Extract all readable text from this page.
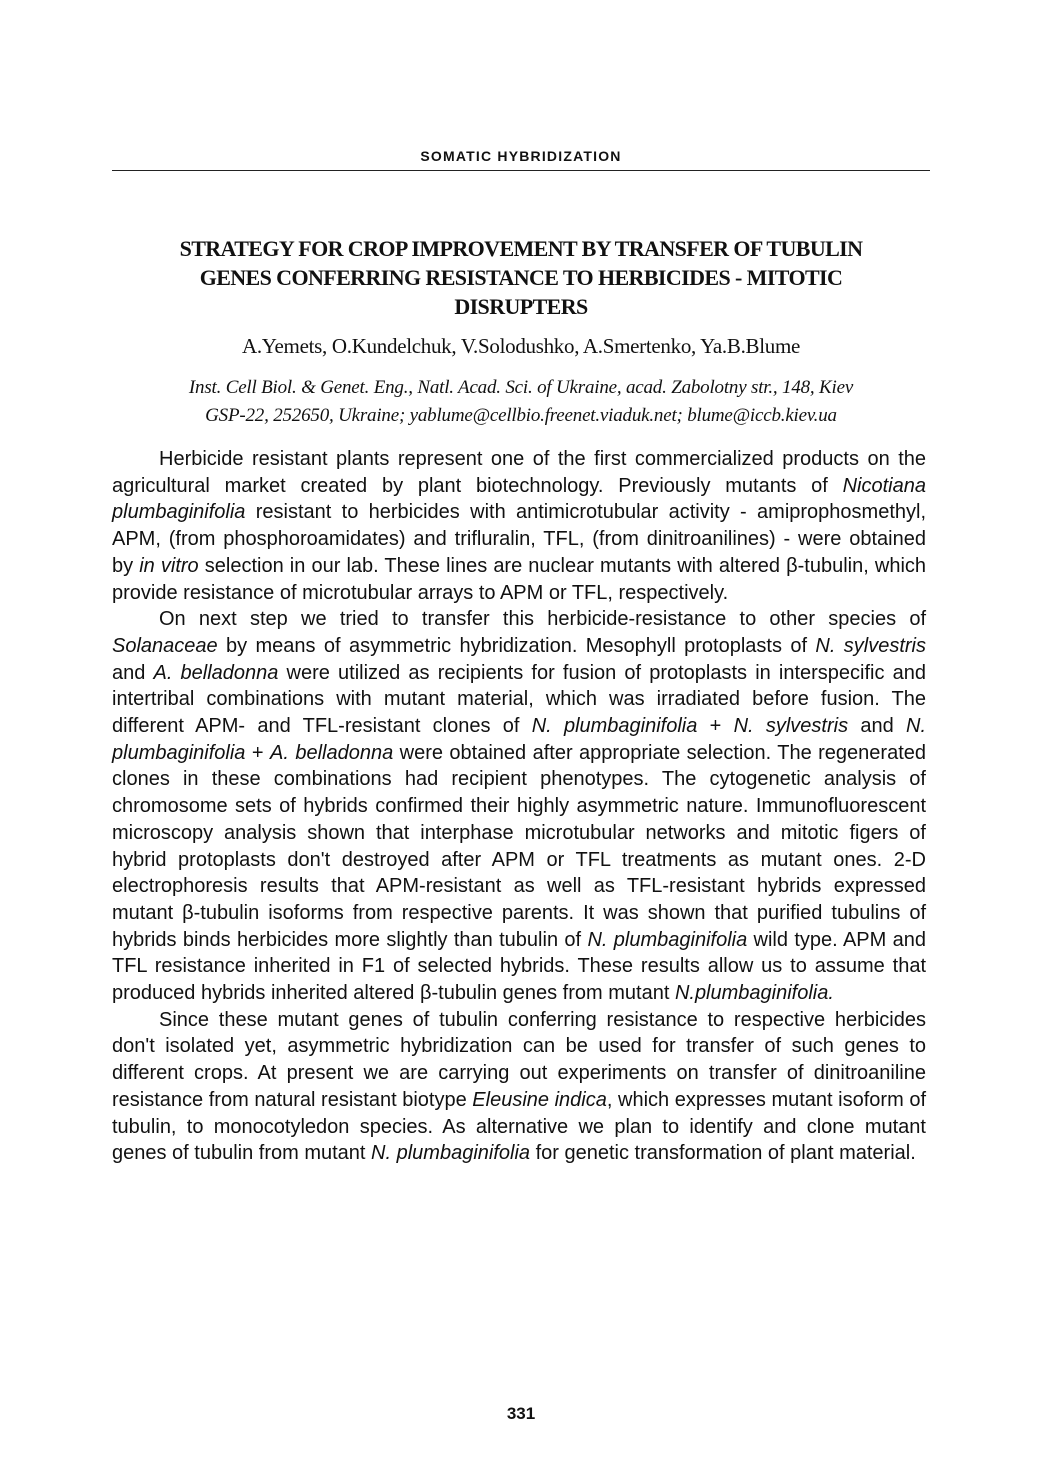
SOMATIC HYBRIDIZATION
STRATEGY FOR CROP IMPROVEMENT BY TRANSFER OF TUBULIN
GENES CONFERRING RESISTANCE TO HERBICIDES - MITOTIC
DISRUPTERS
A.Yemets, O.Kundelchuk, V.Solodushko, A.Smertenko, Ya.B.Blume
Inst. Cell Biol. & Genet. Eng., Natl. Acad. Sci. of Ukraine, acad. Zabolotny str., 148, Kiev
GSP-22, 252650, Ukraine; yablume@cellbio.freenet.viaduk.net; blume@iccb.kiev.ua

Herbicide resistant plants represent one of the first commercialized products on the agricultural market created by plant biotechnology. Previously mutants of Nicotiana plumbaginifolia resistant to herbicides with antimicrotubular activity - amiprophosmethyl, APM, (from phosphoroamidates) and trifluralin, TFL, (from dinitroanilines) - were obtained by in vitro selection in our lab. These lines are nuclear mutants with altered β-tubulin, which provide resistance of microtubular arrays to APM or TFL, respectively.

On next step we tried to transfer this herbicide-resistance to other species of Solanaceae by means of asymmetric hybridization. Mesophyll protoplasts of N. sylvestris and A. belladonna were utilized as recipients for fusion of protoplasts in interspecific and intertribal combinations with mutant material, which was irradiated before fusion. The different APM- and TFL-resistant clones of N. plumbaginifolia + N. sylvestris and N. plumbaginifolia + A. belladonna were obtained after appropriate selection. The regenerated clones in these combinations had recipient phenotypes. The cytogenetic analysis of chromosome sets of hybrids confirmed their highly asymmetric nature. Immunofluorescent microscopy analysis shown that interphase microtubular networks and mitotic figers of hybrid protoplasts don't destroyed after APM or TFL treatments as mutant ones. 2-D electrophoresis results that APM-resistant as well as TFL-resistant hybrids expressed mutant β-tubulin isoforms from respective parents. It was shown that purified tubulins of hybrids binds herbicides more slightly than tubulin of N. plumbaginifolia wild type. APM and TFL resistance inherited in F1 of selected hybrids. These results allow us to assume that produced hybrids inherited altered β-tubulin genes from mutant N.plumbaginifolia.

Since these mutant genes of tubulin conferring resistance to respective herbicides don't isolated yet, asymmetric hybridization can be used for transfer of such genes to different crops. At present we are carrying out experiments on transfer of dinitroaniline resistance from natural resistant biotype Eleusine indica, which expresses mutant isoform of tubulin, to monocotyledon species. As alternative we plan to identify and clone mutant genes of tubulin from mutant N. plumbaginifolia for genetic transformation of plant material.

331
